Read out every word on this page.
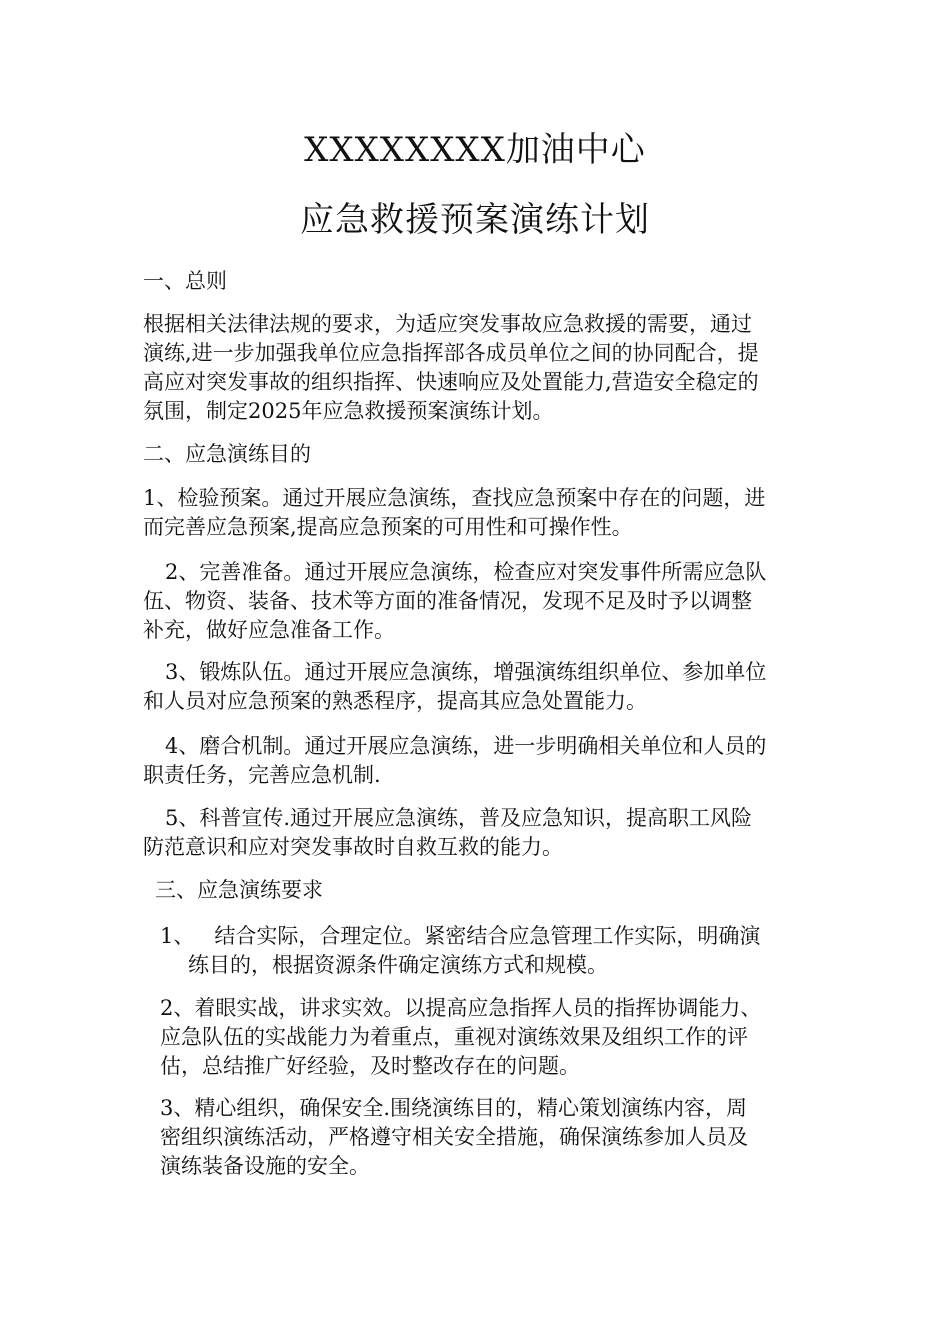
XXXXXXXX加油中心
应急救援预案演练计划
一、总则
根据相关法律法规的要求，为适应突发事故应急救援的需要，通过
演练,进一步加强我单位应急指挥部各成员单位之间的协同配合，提
高应对突发事故的组织指挥、快速响应及处置能力,营造安全稳定的
氛围，制定2025年应急救援预案演练计划。
二、应急演练目的
1、检验预案。通过开展应急演练，查找应急预案中存在的问题，进
而完善应急预案,提高应急预案的可用性和可操作性。
2、完善准备。通过开展应急演练，检查应对突发事件所需应急队
伍、物资、装备、技术等方面的准备情况，发现不足及时予以调整
补充，做好应急准备工作。
3、锻炼队伍。通过开展应急演练，增强演练组织单位、参加单位
和人员对应急预案的熟悉程序，提高其应急处置能力。
4、磨合机制。通过开展应急演练，进一步明确相关单位和人员的
职责任务，完善应急机制.
5、科普宣传.通过开展应急演练，普及应急知识，提高职工风险
防范意识和应对突发事故时自救互救的能力。
三、应急演练要求
1、   结合实际，合理定位。紧密结合应急管理工作实际，明确演
练目的，根据资源条件确定演练方式和规模。
2、着眼实战，讲求实效。以提高应急指挥人员的指挥协调能力、
应急队伍的实战能力为着重点，重视对演练效果及组织工作的评
估，总结推广好经验，及时整改存在的问题。
3、精心组织，确保安全.围绕演练目的，精心策划演练内容，周
密组织演练活动，严格遵守相关安全措施，确保演练参加人员及
演练装备设施的安全。
